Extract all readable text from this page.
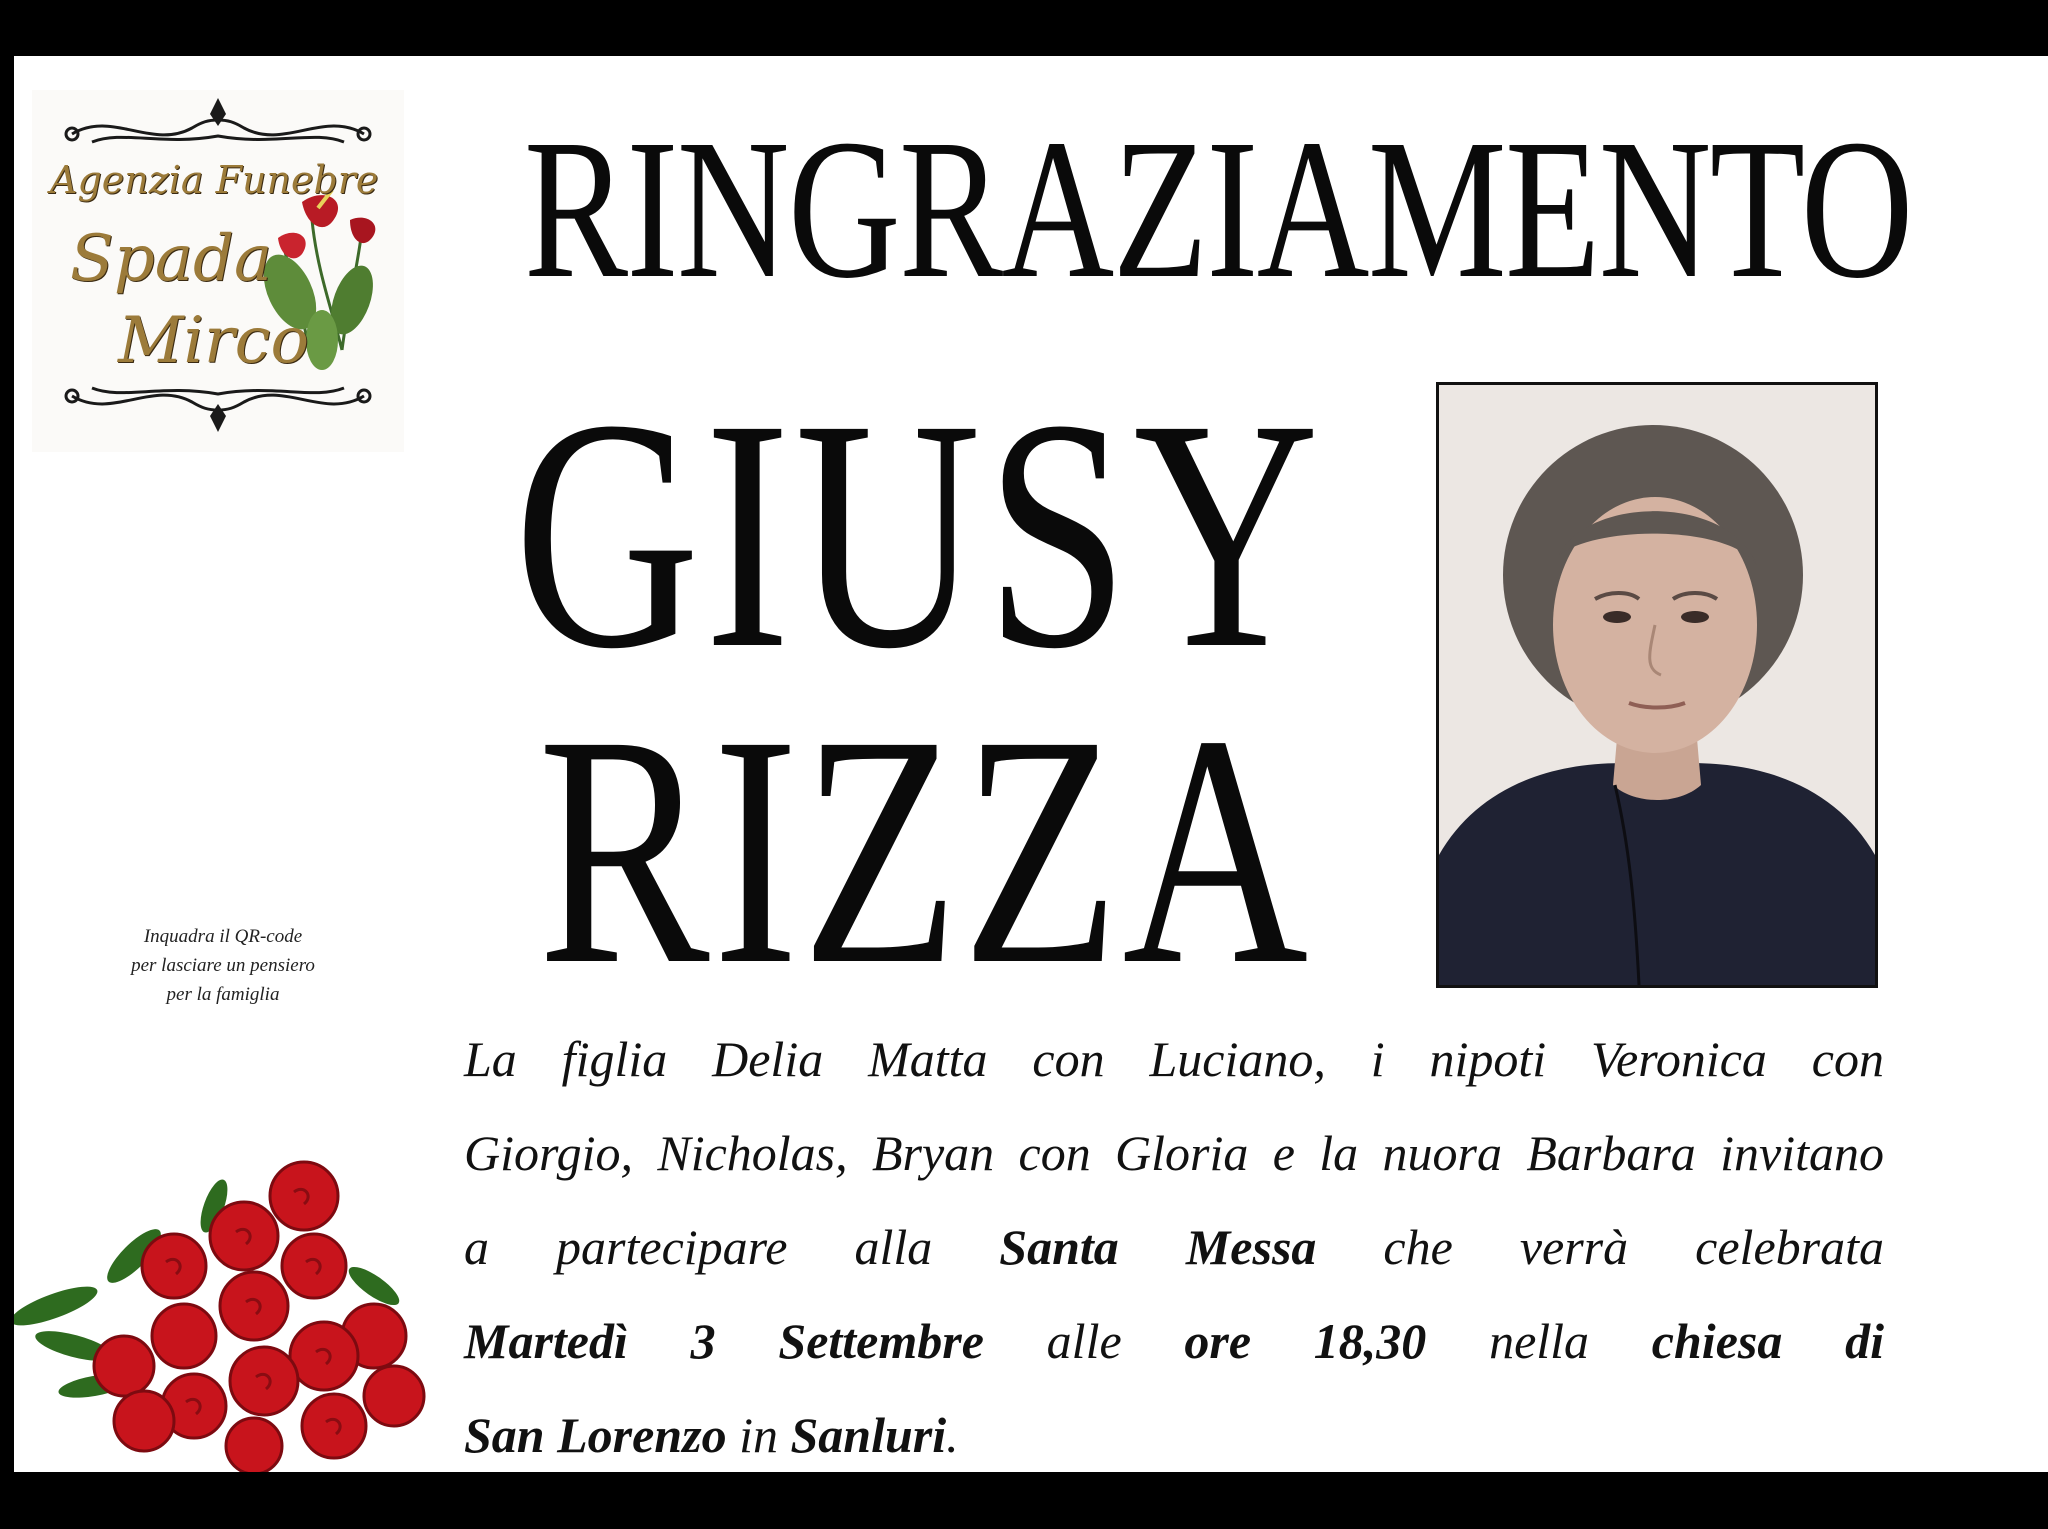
Agenzia Funebre
Spada
Mirco
Inquadra il QR-code
per lasciare un pensiero
per la famiglia
RINGRAZIAMENTO
GIUSY
RIZZA
La figlia Delia Matta con Luciano, i nipoti Veronica con
Giorgio, Nicholas, Bryan con Gloria e la nuora Barbara invitano
a partecipare alla Santa Messa che verrà celebrata
Martedì 3 Settembre alle ore 18,30 nella chiesa di
San Lorenzo in Sanluri.
